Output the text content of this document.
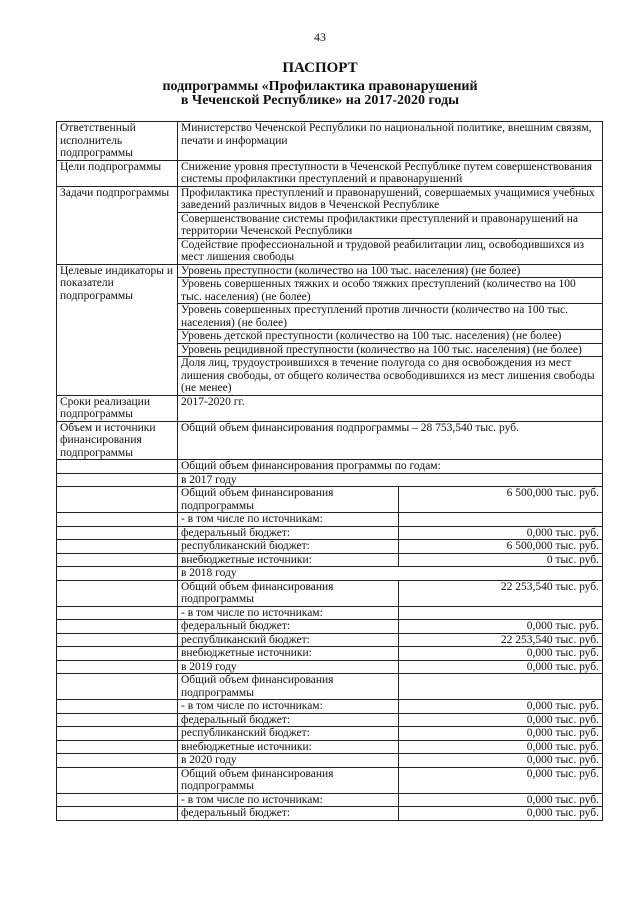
43
ПАСПОРТ
подпрограммы «Профилактика правонарушений
в Чеченской Республике» на 2017-2020 годы
Ответственный исполнитель подпрограммы	Министерство Чеченской Республики по национальной политике, внешним связям, печати и информации	
Цели подпрограммы	Снижение уровня преступности в Чеченской Республике путем совершенствования системы профилактики преступлений и правонарушений	
Задачи подпрограммы	Профилактика преступлений и правонарушений, совершаемых учащимися учебных заведений различных видов в Чеченской Республике	
	Совершенствование системы профилактики преступлений и правонарушений на территории Чеченской Республики	
	Содействие профессиональной и трудовой реабилитации лиц, освободившихся из мест лишения свободы	
Целевые индикаторы и показатели подпрограммы	Уровень преступности (количество на 100 тыс. населения) (не более)	
	Уровень совершенных тяжких и особо тяжких преступлений (количество на 100 тыс. населения) (не более)	
	Уровень совершенных преступлений против личности (количество на 100 тыс. населения) (не более)	
	Уровень детской преступности (количество на 100 тыс. населения) (не более)	
	Уровень рецидивной преступности (количество на 100 тыс. населения) (не более)	
	Доля лиц, трудоустроившихся в течение полугода со дня освобождения из мест лишения свободы, от общего количества освободившихся из мест лишения свободы (не менее)	
Сроки реализации подпрограммы	2017-2020 гг.	
Объем и источники финансирования подпрограммы	Общий объем финансирования подпрограммы – 28 753,540 тыс. руб.	
	Общий объем финансирования программы по годам:	
	в 2017 году	
	Общий объем финансирования подпрограммы	6 500,000 тыс. руб.
	- в том числе по источникам:	
	федеральный бюджет:	0,000 тыс. руб.
	республиканский бюджет:	6 500,000 тыс. руб.
	внебюджетные источники:	0 тыс. руб.
	в 2018 году	
	Общий объем финансирования подпрограммы	22 253,540 тыс. руб.
	- в том числе по источникам:	
	федеральный бюджет:	0,000 тыс. руб.
	республиканский бюджет:	22 253,540 тыс. руб.
	внебюджетные источники:	0,000 тыс. руб.
	в 2019 году	0,000 тыс. руб.
	Общий объем финансирования подпрограммы	
	- в том числе по источникам:	0,000 тыс. руб.
	федеральный бюджет:	0,000 тыс. руб.
	республиканский бюджет:	0,000 тыс. руб.
	внебюджетные источники:	0,000 тыс. руб.
	в 2020 году	0,000 тыс. руб.
	Общий объем финансирования подпрограммы	0,000 тыс. руб.
	- в том числе по источникам:	0,000 тыс. руб.
	федеральный бюджет:	0,000 тыс. руб.
